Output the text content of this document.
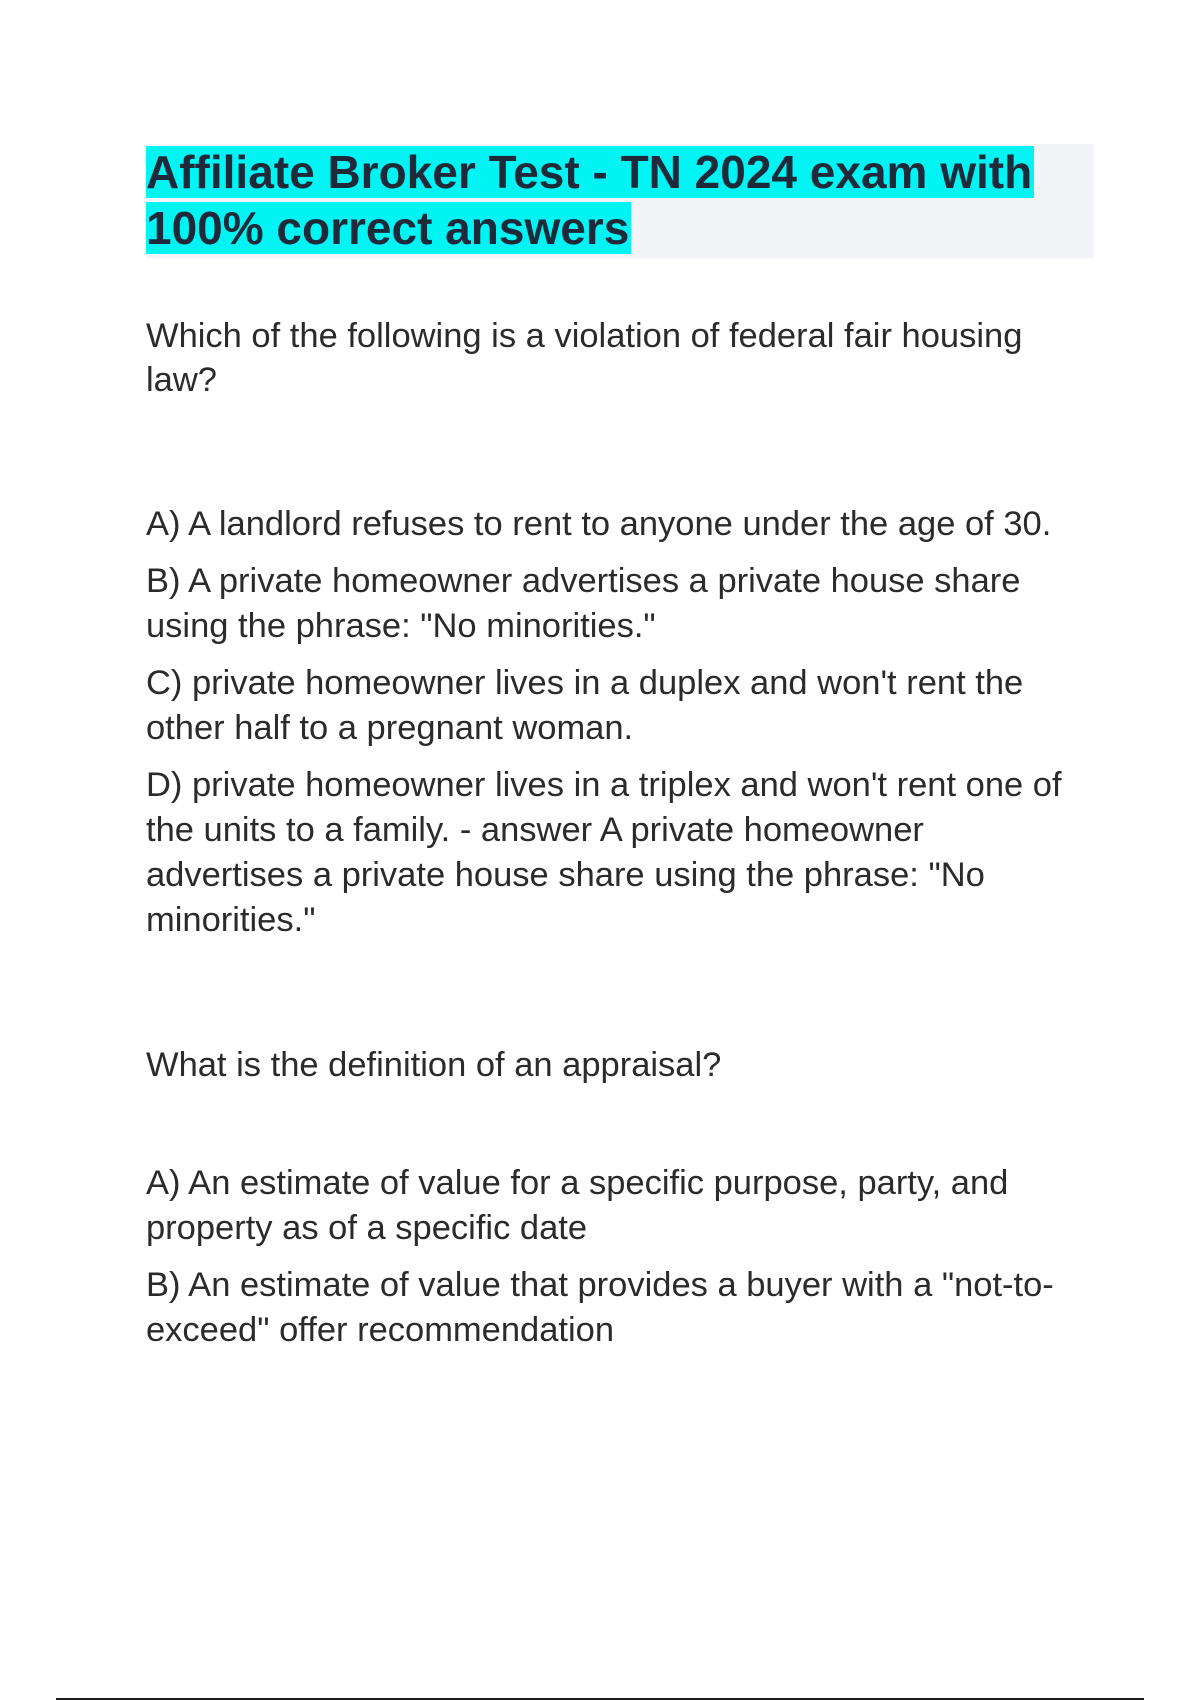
Affiliate Broker Test - TN 2024 exam with 100% correct answers

Which of the following is a violation of federal fair housing law?

A) A landlord refuses to rent to anyone under the age of 30.

B) A private homeowner advertises a private house share using the phrase: "No minorities."

C) private homeowner lives in a duplex and won't rent the other half to a pregnant woman.

D) private homeowner lives in a triplex and won't rent one of the units to a family. - answer A private homeowner advertises a private house share using the phrase: "No minorities."

What is the definition of an appraisal?

A) An estimate of value for a specific purpose, party, and property as of a specific date

B) An estimate of value that provides a buyer with a "not-to-exceed" offer recommendation
